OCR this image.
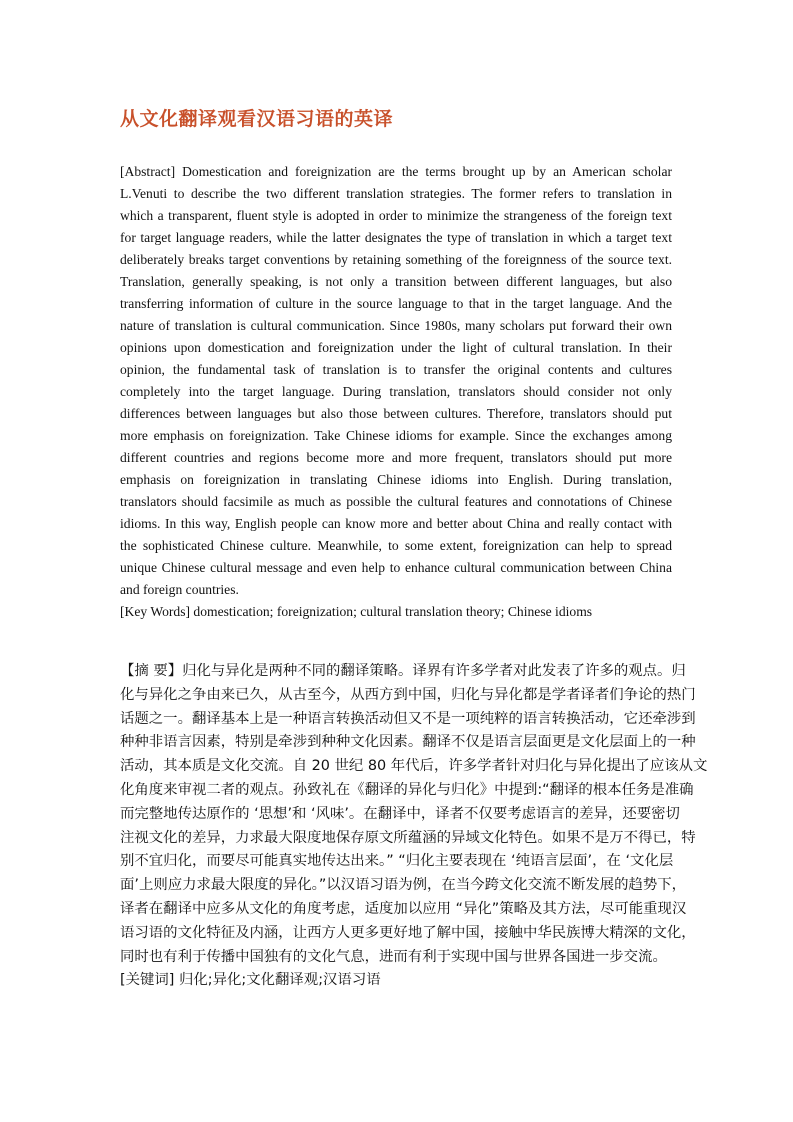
从文化翻译观看汉语习语的英译
[Abstract] Domestication and foreignization are the terms brought up by an American scholar
L.Venuti to describe the two different translation strategies. The former refers to translation in
which a transparent, fluent style is adopted in order to minimize the strangeness of the foreign text
for target language readers, while the latter designates the type of translation in which a target text
deliberately breaks target conventions by retaining something of the foreignness of the source text.
Translation, generally speaking, is not only a transition between different languages, but also
transferring information of culture in the source language to that in the target language. And the
nature of translation is cultural communication. Since 1980s, many scholars put forward their own
opinions upon domestication and foreignization under the light of cultural translation. In their
opinion, the fundamental task of translation is to transfer the original contents and cultures
completely into the target language. During translation, translators should consider not only
differences between languages but also those between cultures. Therefore, translators should put
more emphasis on foreignization. Take Chinese idioms for example. Since the exchanges among
different countries and regions become more and more frequent, translators should put more
emphasis on foreignization in translating Chinese idioms into English. During translation,
translators should facsimile as much as possible the cultural features and connotations of Chinese
idioms. In this way, English people can know more and better about China and really contact with
the sophisticated Chinese culture. Meanwhile, to some extent, foreignization can help to spread
unique Chinese cultural message and even help to enhance cultural communication between China
and foreign countries.
[Key Words] domestication; foreignization; cultural translation theory; Chinese idioms
【摘 要】归化与异化是两种不同的翻译策略。译界有许多学者对此发表了许多的观点。归
化与异化之争由来已久，从古至今，从西方到中国，归化与异化都是学者译者们争论的热门
话题之一。翻译基本上是一种语言转换活动但又不是一项纯粹的语言转换活动，它还牵涉到
种种非语言因素，特别是牵涉到种种文化因素。翻译不仅是语言层面更是文化层面上的一种
活动，其本质是文化交流。自 20 世纪 80 年代后，许多学者针对归化与异化提出了应该从文
化角度来审视二者的观点。孙致礼在《翻译的异化与归化》中提到:“翻译的根本任务是准确
而完整地传达原作的 ‘思想’和 ‘风味’。在翻译中，译者不仅要考虑语言的差异，还要密切
注视文化的差异，力求最大限度地保存原文所蕴涵的异域文化特色。如果不是万不得已，特
别不宜归化，而要尽可能真实地传达出来。” “归化主要表现在 ‘纯语言层面’，在 ‘文化层
面’上则应力求最大限度的异化。”以汉语习语为例，在当今跨文化交流不断发展的趋势下，
译者在翻译中应多从文化的角度考虑，适度加以应用 “异化”策略及其方法，尽可能重现汉
语习语的文化特征及内涵，让西方人更多更好地了解中国，接触中华民族博大精深的文化，
同时也有利于传播中国独有的文化气息，进而有利于实现中国与世界各国进一步交流。
[关键词] 归化;异化;文化翻译观;汉语习语
